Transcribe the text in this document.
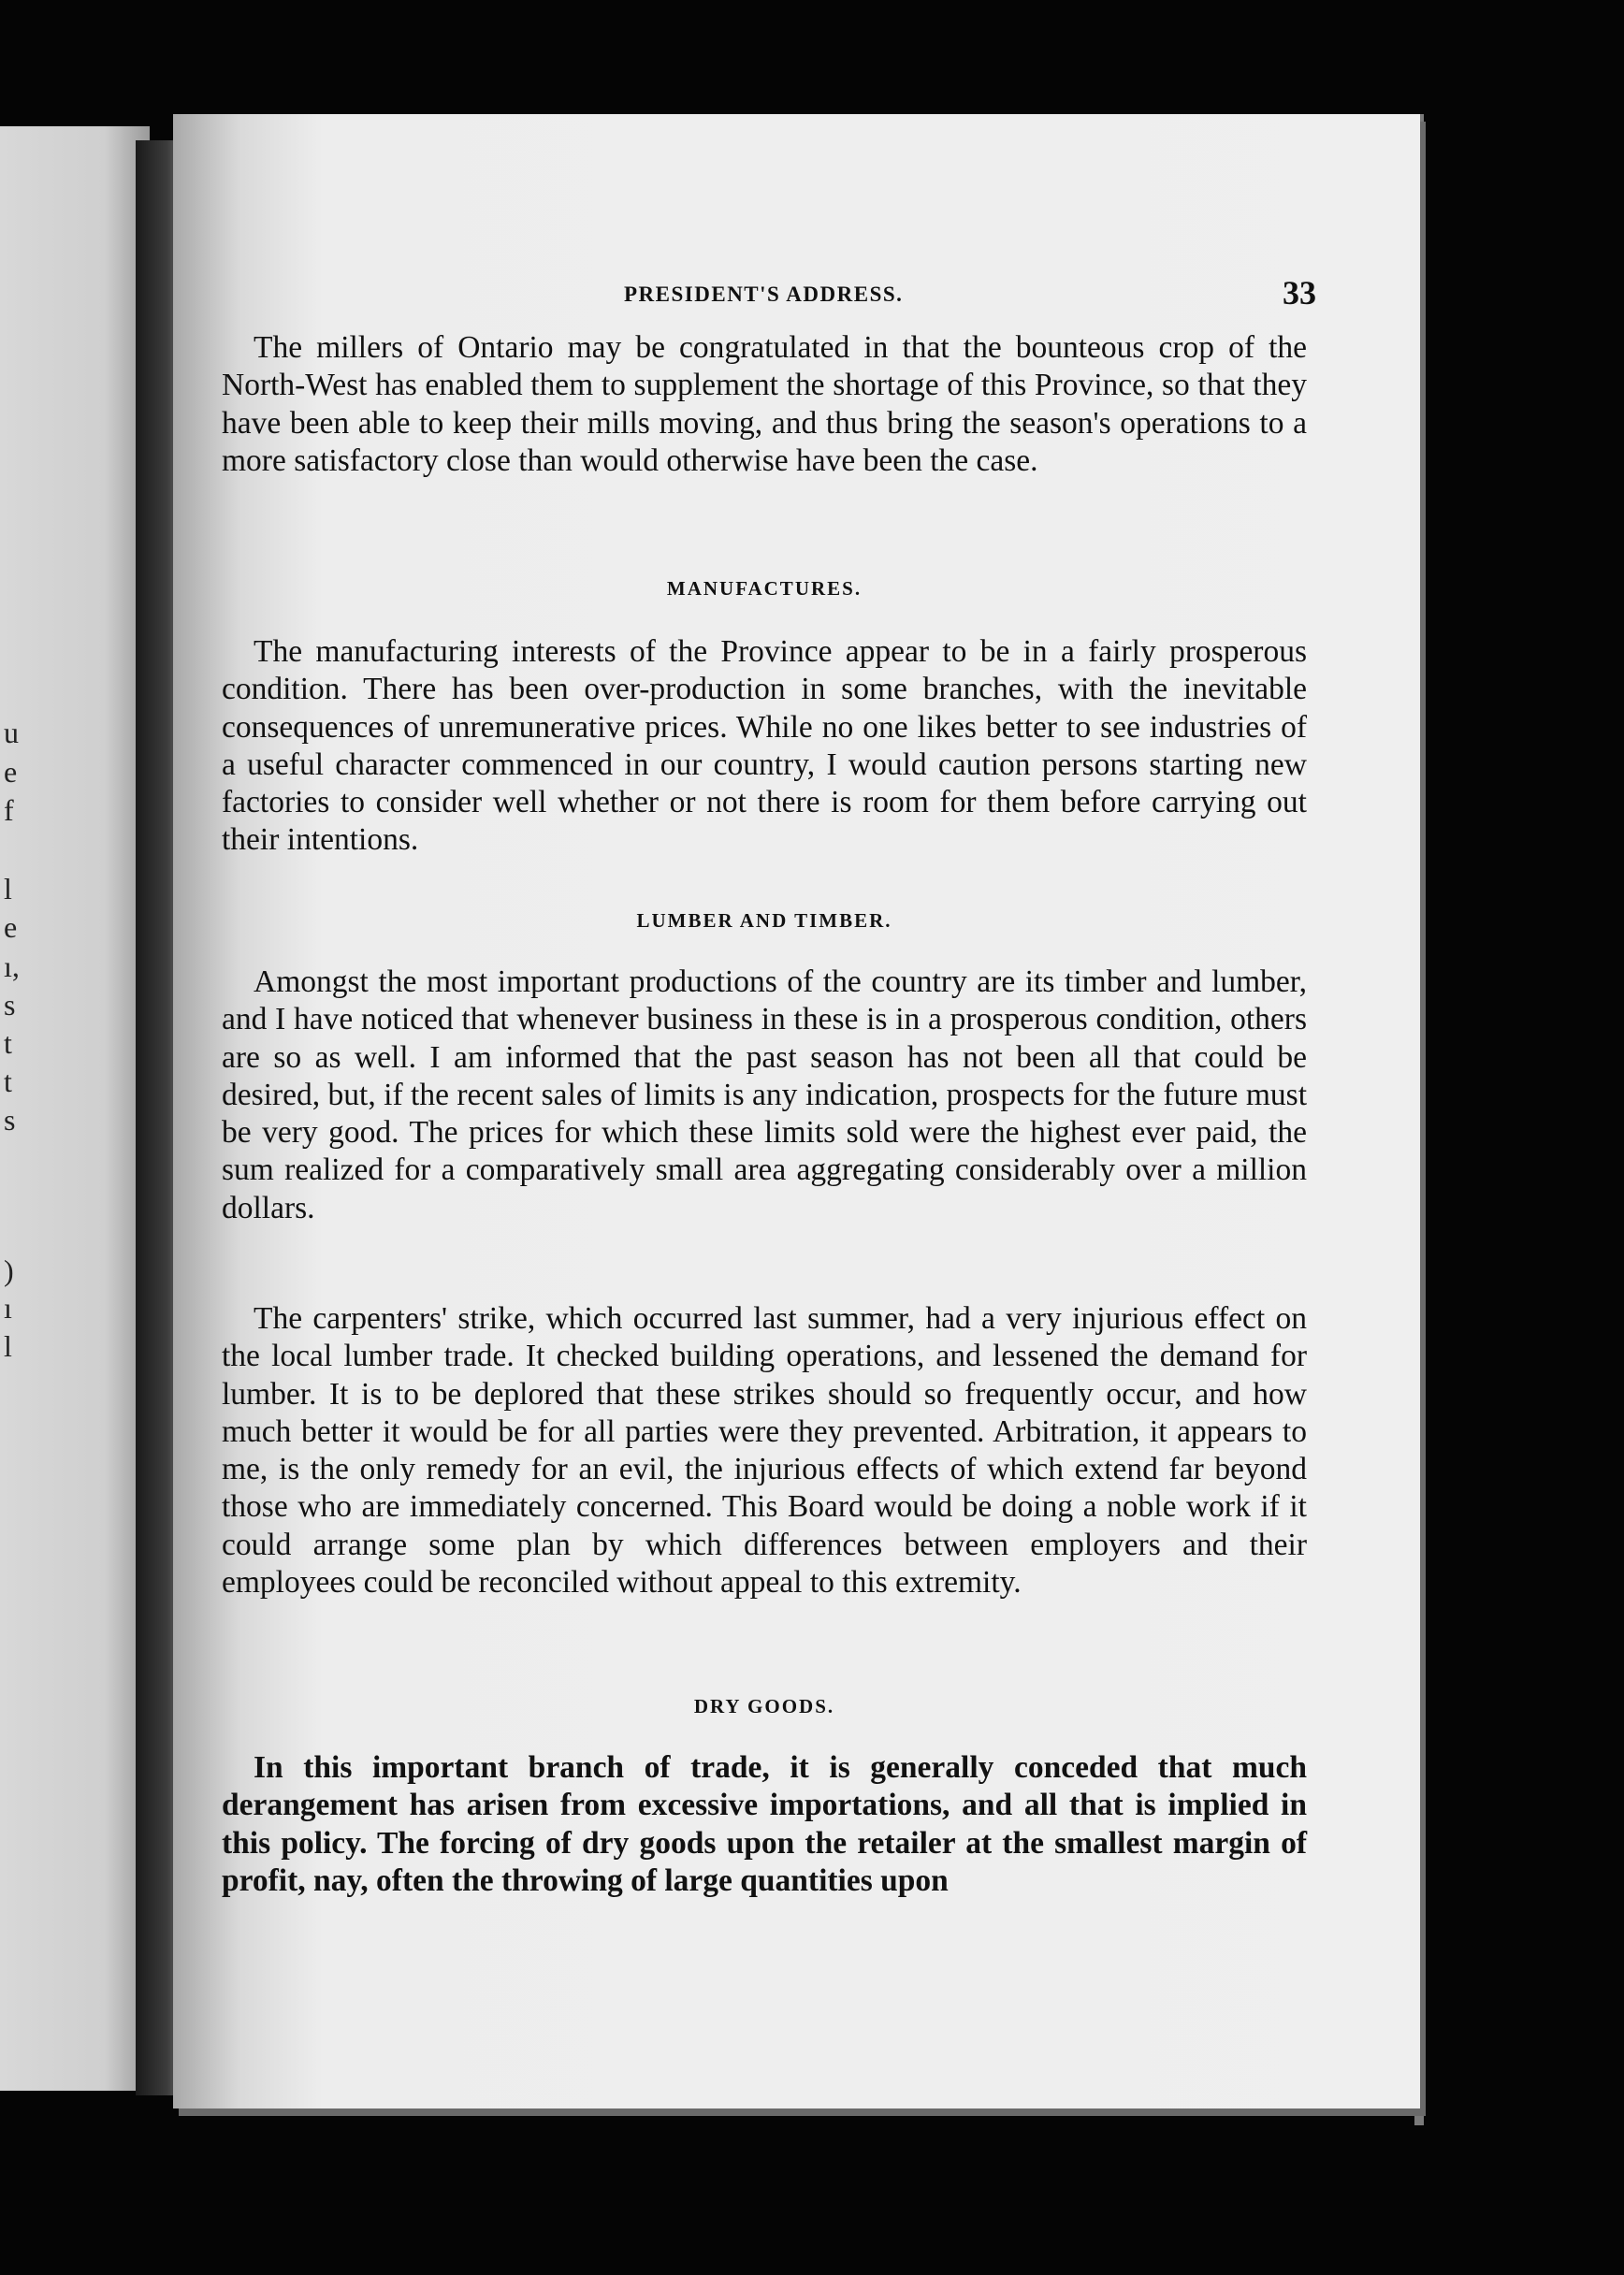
u
e
f
l
e
ı,
s
t
t
s
)
ı
l
PRESIDENT'S ADDRESS.	33

The millers of Ontario may be congratulated in that the bounteous crop of the North-West has enabled them to supplement the shortage of this Province, so that they have been able to keep their mills moving, and thus bring the season's operations to a more satisfactory close than would otherwise have been the case.

MANUFACTURES.

The manufacturing interests of the Province appear to be in a fairly prosperous condition. There has been over-production in some branches, with the inevitable consequences of unremunerative prices. While no one likes better to see industries of a useful character commenced in our country, I would caution persons starting new factories to consider well whether or not there is room for them before carrying out their intentions.

LUMBER AND TIMBER.

Amongst the most important productions of the country are its timber and lumber, and I have noticed that whenever business in these is in a prosperous condition, others are so as well. I am informed that the past season has not been all that could be desired, but, if the recent sales of limits is any indication, prospects for the future must be very good. The prices for which these limits sold were the highest ever paid, the sum realized for a comparatively small area aggregating considerably over a million dollars.

The carpenters' strike, which occurred last summer, had a very injurious effect on the local lumber trade. It checked building operations, and lessened the demand for lumber. It is to be deplored that these strikes should so frequently occur, and how much better it would be for all parties were they prevented. Arbitration, it appears to me, is the only remedy for an evil, the injurious effects of which extend far beyond those who are immediately concerned. This Board would be doing a noble work if it could arrange some plan by which differences between employers and their employees could be reconciled without appeal to this extremity.

DRY GOODS.

In this important branch of trade, it is generally conceded that much derangement has arisen from excessive importations, and all that is implied in this policy. The forcing of dry goods upon the retailer at the smallest margin of profit, nay, often the throwing of large quantities upon
